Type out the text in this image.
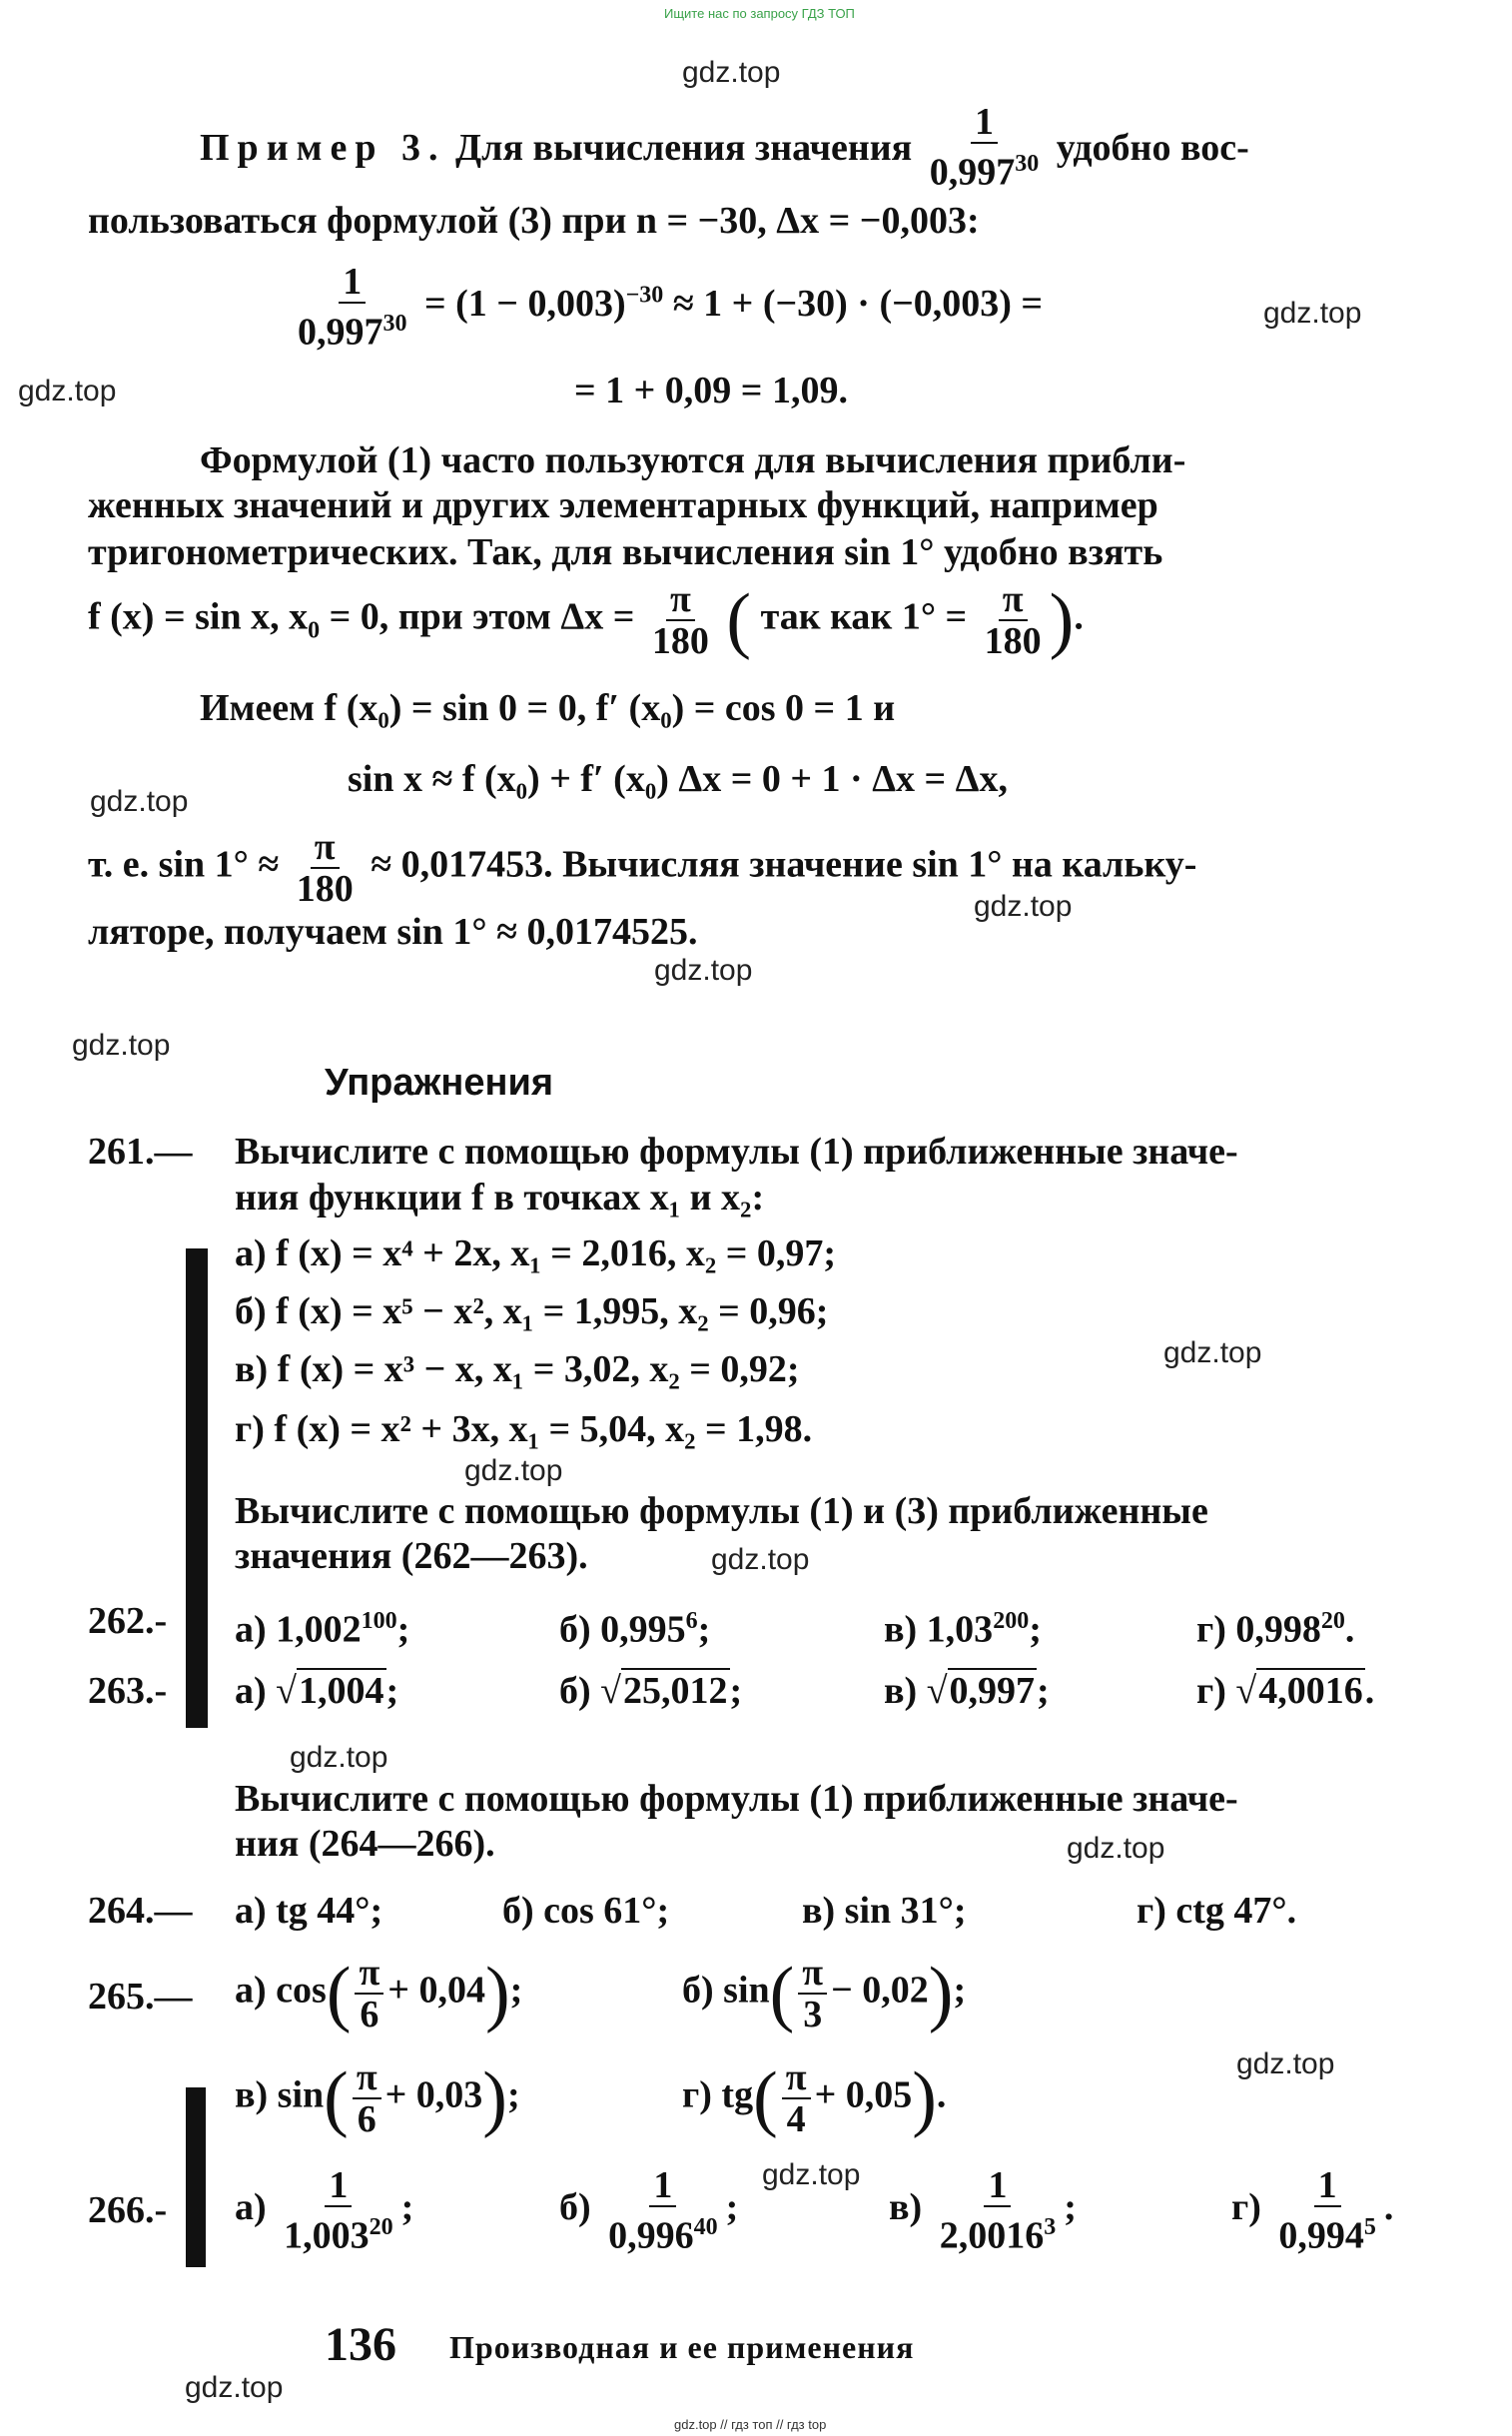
Ищите нас по запросу ГДЗ ТОП
gdz.top
gdz.top
gdz.top
gdz.top
gdz.top
gdz.top
gdz.top
gdz.top
gdz.top
gdz.top
gdz.top
gdz.top
gdz.top
gdz.top
gdz.top
Пример 3. Для вычисления значения $\frac{1}{0,997^{30}}$ удобно вос-
пользоваться формулой (3) при n = −30, Δx = −0,003:
$\frac{1}{0,997^{30}} = (1 - 0,003)^{-30} \approx 1 + (-30) \cdot (-0,003)$ =
= 1 + 0,09 = 1,09.
Формулой (1) часто пользуются для вычисления прибли-
женных значений и других элементарных функций, например
тригонометрических. Так, для вычисления sin 1° удобно взять
f (x) = sin x, $x_0 = 0$, при этом $\Delta x = \frac{\pi}{180}$ ( так как $1^\circ = \frac{\pi}{180}$ ).
Имеем f (x₀) = sin 0 = 0, f′ (x₀) = cos 0 = 1 и
sin x ≈ f (x₀) + f′ (x₀) Δx = 0 + 1 · Δx = Δx,
т. е. $\sin 1^\circ \approx \frac{\pi}{180} \approx 0,017453$. Вычисляя значение sin 1° на кальку-
ляторе, получаем sin 1° ≈ 0,0174525.
Упражнения
261.— Вычислите с помощью формулы (1) приближенные значе-
ния функции f в точках x₁ и x₂:
а) f (x) = x⁴ + 2x, x₁ = 2,016, x₂ = 0,97;
б) f (x) = x⁵ − x², x₁ = 1,995, x₂ = 0,96;
в) f (x) = x³ − x, x₁ = 3,02, x₂ = 0,92;
г) f (x) = x² + 3x, x₁ = 5,04, x₂ = 1,98.
Вычислите с помощью формулы (1) и (3) приближенные
значения (262—263).
262.- а) 1,002$^{100}$;	б) 0,995$^6$;	в) 1,03$^{200}$;	г) 0,998$^{20}$.
263.- а) √1,004;	б) √25,012;	в) √0,997;	г) √4,0016.
Вычислите с помощью формулы (1) приближенные значе-
ния (264—266).
264.— а) tg 44°;	б) cos 61°;	в) sin 31°;	г) ctg 47°.
265.— а) $\cos( \frac{\pi}{6} + 0,04)$;	б) $\sin( \frac{\pi}{3} - 0,02)$;
в) $\sin( \frac{\pi}{6} + 0,03)$;	г) $tg( \frac{\pi}{4} + 0,05)$.
266.- $а) \frac{1}{1,003^{20}}$ ;	$б) \frac{1}{0,996^{40}}$ ;	$в) \frac{1}{2,0016^3}$ ;	$г) \frac{1}{0,994^5}$ .
136 Производная и ее применения
gdz.top // гдз топ // гдз top
